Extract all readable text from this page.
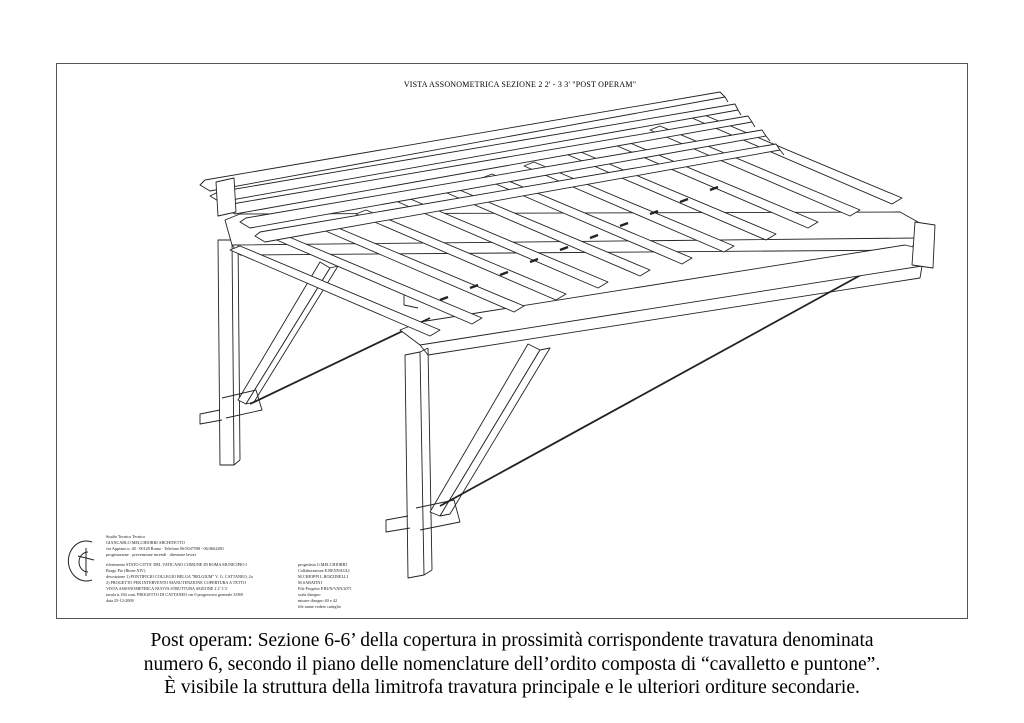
VISTA ASSONOMETRICA SEZIONE 2 2' - 3 3' "POST OPERAM"
Studio Tecnico Tecnico
GIANCARLO MELCHIORRI ARCHITETTO
via Appiano n. 40 · 00128 Roma · Telefono 06/5047598 - 06/4662280
progettazione · prevenzione incendi · direzione lavori
riferimento STATO CITTA' DEL VATICANO COMUNE DI ROMA MUNICIPIO I
Borgo Pio (Rione XIV)
descrizione 1) PONTIFICIO COLLEGIO BELGA "BELGIUM" V. G. CATTANEO, 2a
2) PROGETTO PER INTERVENTO MANUTENZIONE COPERTURA A TETTO
VISTA ASSONOMETRICA NUOVA STRUTTURA SEZIONE 2 2' 3 3'
tavola n.184 cont. PROGETTO DI CATTANEO cm 0 progressivo generale 5/069
data 25-12-2008
progettista G.MELCHIORRI
Collaborazione E.RENNAGLI
M.CHIOPPI L.ROZZINELLI
M.SABATINI
File Progetto P.BUN/VAN/2071
scala disegno
misure disegno 40 x 42
file name vedere cartiglio
Post operam: Sezione 6-6’ della copertura in prossimità corrispondente travatura denominata
numero 6, secondo il piano delle nomenclature dell’ordito composta di “cavalletto e puntone”.
È visibile la struttura della limitrofa travatura principale e le ulteriori orditure secondarie.
